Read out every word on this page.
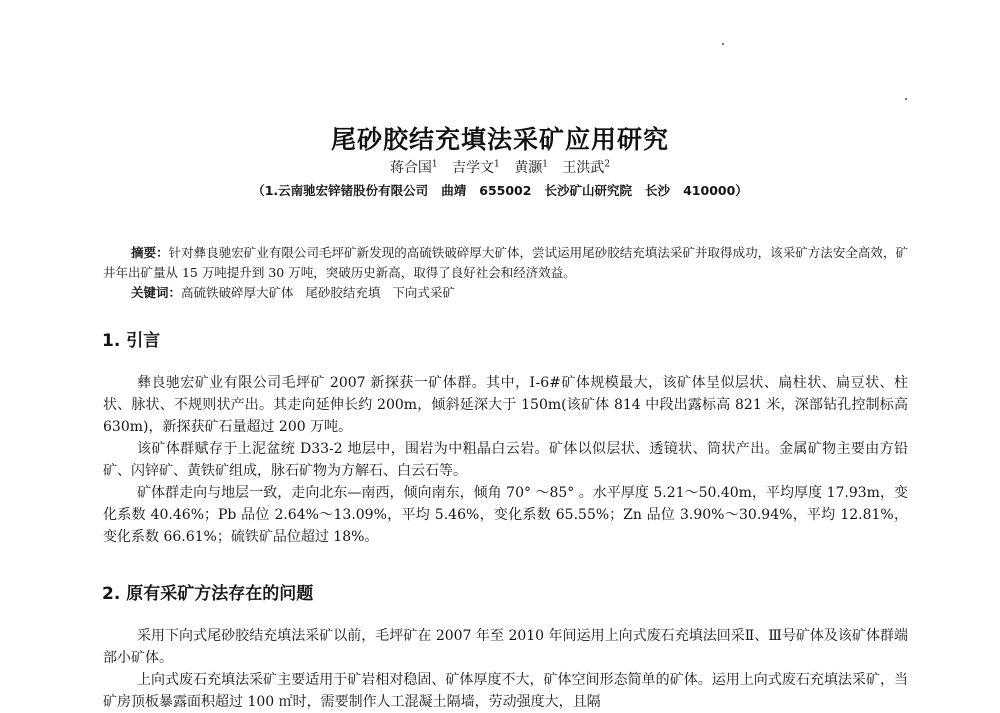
尾砂胶结充填法采矿应用研究
蒋合国$^1$ 吉学文$^1$ 黄灏$^1$ 王洪武$^2$
（1.云南驰宏锌锗股份有限公司   曲靖   655002   长沙矿山研究院   长沙   410000）

摘要：针对彝良驰宏矿业有限公司毛坪矿新发现的高硫铁破碎厚大矿体，尝试运用尾砂胶结充填法采矿并取得成功，该采矿方法安全高效，矿井年出矿量从 15 万吨提升到 30 万吨，突破历史新高，取得了良好社会和经济效益。

关键词：高硫铁破碎厚大矿体   尾砂胶结充填   下向式采矿

1. 引言

彝良驰宏矿业有限公司毛坪矿 2007 新探获一矿体群。其中，Ⅰ-6#矿体规模最大，该矿体呈似层状、扁柱状、扁豆状、柱状、脉状、不规则状产出。其走向延伸长约 200m，倾斜延深大于 150m(该矿体 814 中段出露标高 821 米，深部钻孔控制标高 630m)，新探获矿石量超过 200 万吨。

该矿体群赋存于上泥盆统 D33-2 地层中，围岩为中粗晶白云岩。矿体以似层状、透镜状、筒状产出。金属矿物主要由方铅矿、闪锌矿、黄铁矿组成，脉石矿物为方解石、白云石等。

矿体群走向与地层一致，走向北东—南西，倾向南东，倾角 70° ～85° 。水平厚度 5.21～50.40m，平均厚度 17.93m，变化系数 40.46%；Pb 品位 2.64%～13.09%，平均 5.46%，变化系数 65.55%；Zn 品位 3.90%～30.94%，平均 12.81%，变化系数 66.61%；硫铁矿品位超过 18%。

2. 原有采矿方法存在的问题

采用下向式尾砂胶结充填法采矿以前，毛坪矿在 2007 年至 2010 年间运用上向式废石充填法回采Ⅱ、Ⅲ号矿体及该矿体群端部小矿体。

上向式废石充填法采矿主要适用于矿岩相对稳固、矿体厚度不大，矿体空间形态简单的矿体。运用上向式废石充填法采矿，当矿房顶板暴露面积超过 100 ㎡时，需要制作人工混凝土隔墙，劳动强度大，且隔
